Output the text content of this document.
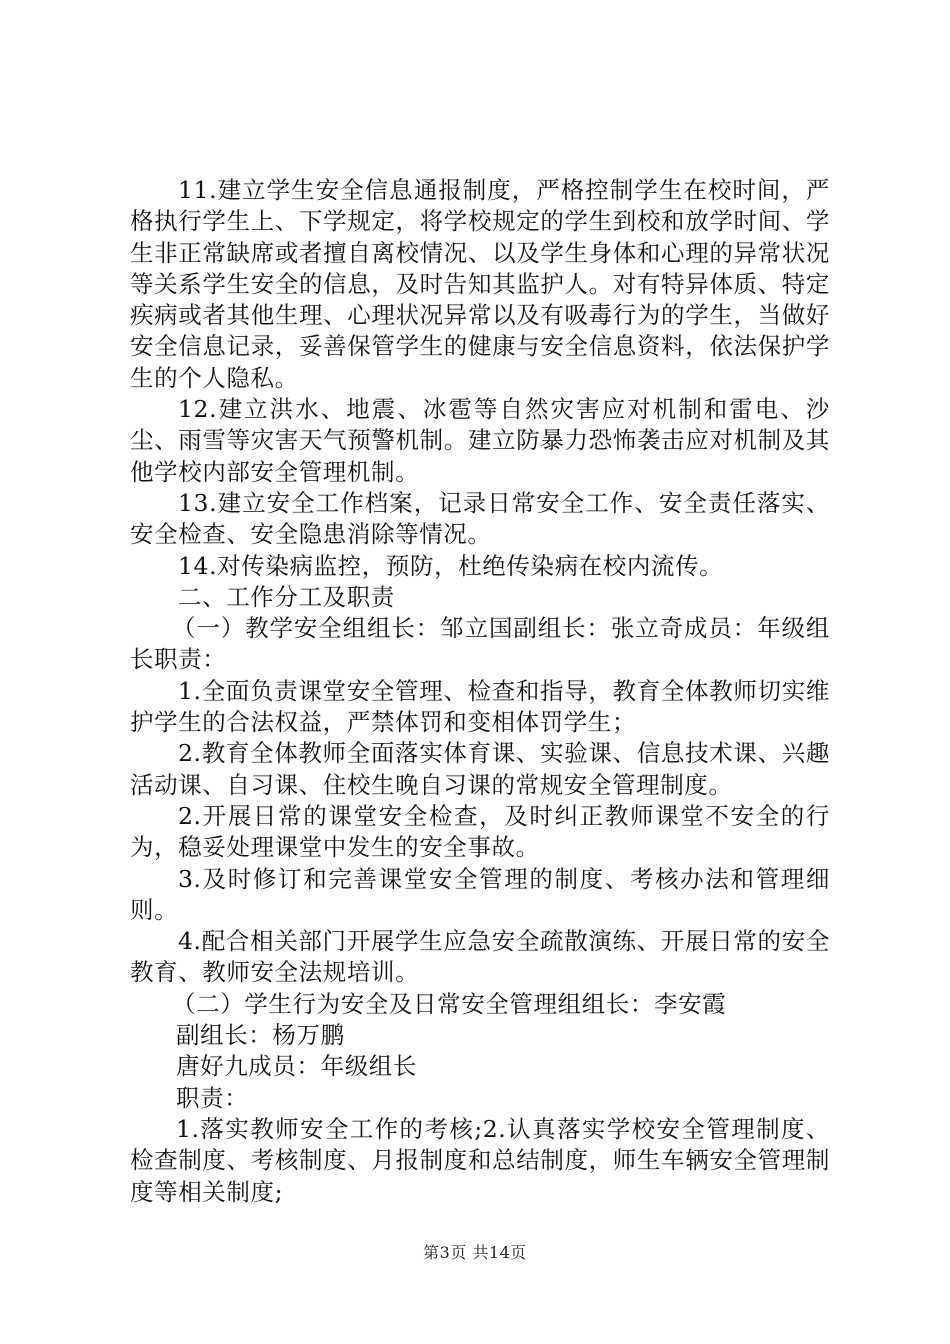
11.建立学生安全信息通报制度，严格控制学生在校时间，严格执行学生上、下学规定，将学校规定的学生到校和放学时间、学生非正常缺席或者擅自离校情况、以及学生身体和心理的异常状况等关系学生安全的信息，及时告知其监护人。对有特异体质、特定疾病或者其他生理、心理状况异常以及有吸毒行为的学生，当做好安全信息记录，妥善保管学生的健康与安全信息资料，依法保护学生的个人隐私。

12.建立洪水、地震、冰雹等自然灾害应对机制和雷电、沙尘、雨雪等灾害天气预警机制。建立防暴力恐怖袭击应对机制及其他学校内部安全管理机制。

13.建立安全工作档案，记录日常安全工作、安全责任落实、安全检查、安全隐患消除等情况。

14.对传染病监控，预防，杜绝传染病在校内流传。

二、工作分工及职责

（一）教学安全组组长：邹立国副组长：张立奇成员：年级组长职责：

1.全面负责课堂安全管理、检查和指导，教育全体教师切实维护学生的合法权益，严禁体罚和变相体罚学生；

2.教育全体教师全面落实体育课、实验课、信息技术课、兴趣活动课、自习课、住校生晚自习课的常规安全管理制度。

2.开展日常的课堂安全检查，及时纠正教师课堂不安全的行为，稳妥处理课堂中发生的安全事故。

3.及时修订和完善课堂安全管理的制度、考核办法和管理细则。

4.配合相关部门开展学生应急安全疏散演练、开展日常的安全教育、教师安全法规培训。

（二）学生行为安全及日常安全管理组组长：李安霞

副组长：杨万鹏

唐好九成员：年级组长

职责：

1.落实教师安全工作的考核;2.认真落实学校安全管理制度、检查制度、考核制度、月报制度和总结制度，师生车辆安全管理制度等相关制度;

第3页 共14页
